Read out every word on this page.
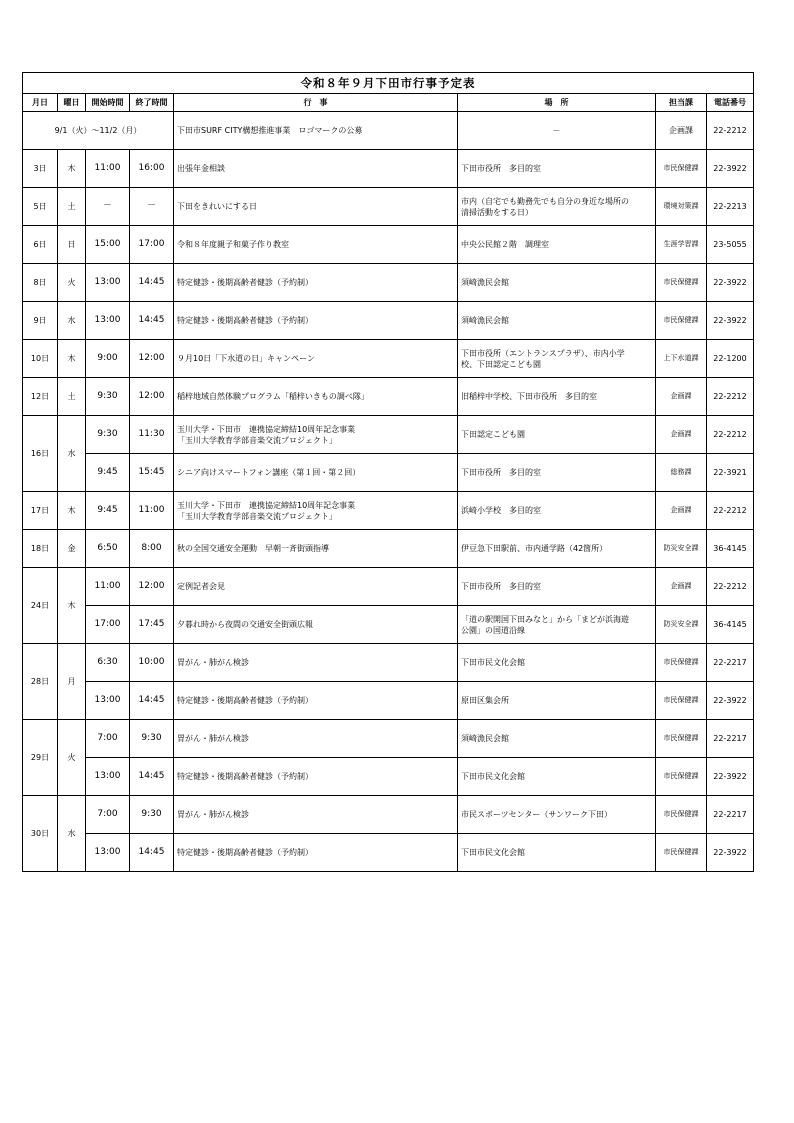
令和８年９月下田市行事予定表							
月日	曜日	開始時間	終了時間	行　事	場　所	担当課	電話番号
9/1（火）～11/2（月）				下田市SURF CITY構想推進事業　ロゴマークの公募	－	企画課	22-2212
3日	木	11:00	16:00	出張年金相談	下田市役所　多目的室	市民保健課	22-3922
5日	土	－	－	下田をきれいにする日	市内（自宅でも勤務先でも自分の身近な場所の
清掃活動をする日）	環境対策課	22-2213
6日	日	15:00	17:00	令和８年度親子和菓子作り教室	中央公民館２階　調理室	生涯学習課	23-5055
8日	火	13:00	14:45	特定健診・後期高齢者健診（予約制）	須崎漁民会館	市民保健課	22-3922
9日	水	13:00	14:45	特定健診・後期高齢者健診（予約制）	須崎漁民会館	市民保健課	22-3922
10日	木	9:00	12:00	９月10日「下水道の日」キャンペーン	下田市役所（エントランスプラザ）、市内小学
校、下田認定こども園	上下水道課	22-1200
12日	土	9:30	12:00	稲梓地域自然体験プログラム「稲梓いきもの調べ隊」	旧稲梓中学校、下田市役所　多目的室	企画課	22-2212
16日	水	9:30	11:30	玉川大学・下田市　連携協定締結10周年記念事業
「玉川大学教育学部音楽交流プロジェクト」	下田認定こども園	企画課	22-2212
		9:45	15:45	シニア向けスマートフォン講座（第１回・第２回）	下田市役所　多目的室	総務課	22-3921
17日	木	9:45	11:00	玉川大学・下田市　連携協定締結10周年記念事業
「玉川大学教育学部音楽交流プロジェクト」	浜崎小学校　多目的室	企画課	22-2212
18日	金	6:50	8:00	秋の全国交通安全運動　早朝一斉街頭指導	伊豆急下田駅前、市内通学路（42箇所）	防災安全課	36-4145
24日	木	11:00	12:00	定例記者会見	下田市役所　多目的室	企画課	22-2212
		17:00	17:45	夕暮れ時から夜間の交通安全街頭広報	「道の駅開国下田みなと」から「まどが浜海遊
公園」の国道沿線	防災安全課	36-4145
28日	月	6:30	10:00	胃がん・肺がん検診	下田市民文化会館	市民保健課	22-2217
		13:00	14:45	特定健診・後期高齢者健診（予約制）	原田区集会所	市民保健課	22-3922
29日	火	7:00	9:30	胃がん・肺がん検診	須崎漁民会館	市民保健課	22-2217
		13:00	14:45	特定健診・後期高齢者健診（予約制）	下田市民文化会館	市民保健課	22-3922
30日	水	7:00	9:30	胃がん・肺がん検診	市民スポーツセンター（サンワーク下田）	市民保健課	22-2217
		13:00	14:45	特定健診・後期高齢者健診（予約制）	下田市民文化会館	市民保健課	22-3922
